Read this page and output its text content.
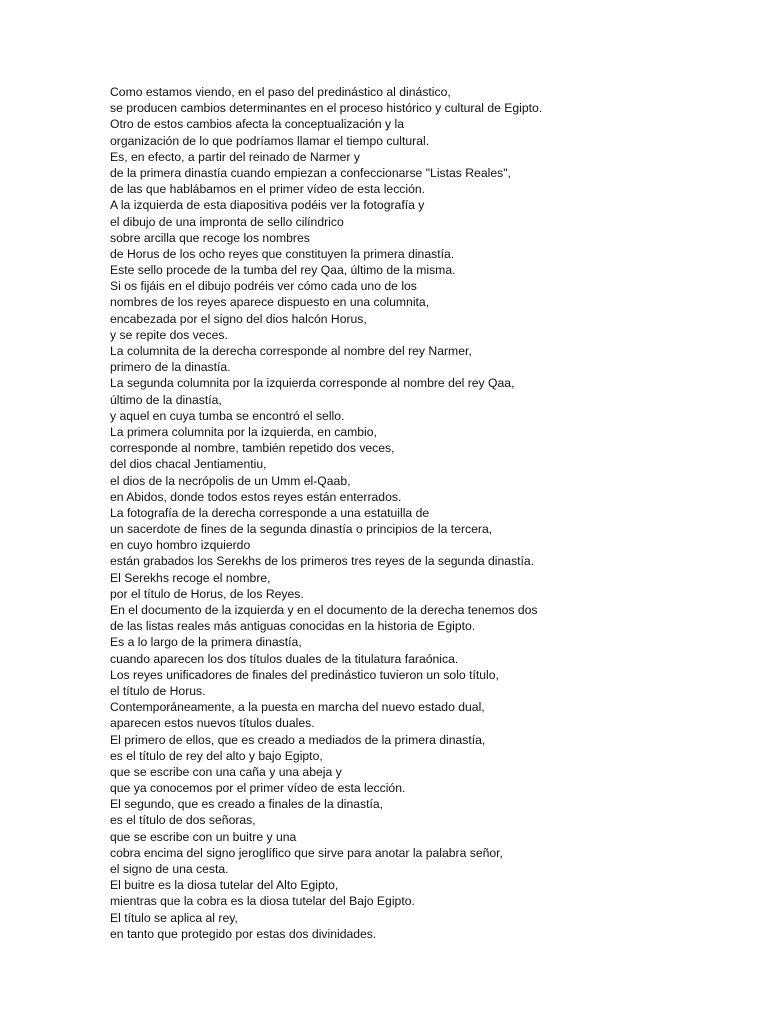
Como estamos viendo, en el paso del predinástico al dinástico,
se producen cambios determinantes en el proceso histórico y cultural de Egipto.
Otro de estos cambios afecta la conceptualización y la
organización de lo que podríamos llamar el tiempo cultural.
Es, en efecto, a partir del reinado de Narmer y
de la primera dinastía cuando empiezan a confeccionarse "Listas Reales",
de las que hablábamos en el primer vídeo de esta lección.
A la izquierda de esta diapositiva podéis ver la fotografía y
el dibujo de una impronta de sello cilíndrico
sobre arcilla que recoge los nombres
de Horus de los ocho reyes que constituyen la primera dinastía.
Este sello procede de la tumba del rey Qaa, último de la misma.
Si os fijáis en el dibujo podréis ver cómo cada uno de los
nombres de los reyes aparece dispuesto en una columnita,
encabezada por el signo del dios halcón Horus,
y se repite dos veces.
La columnita de la derecha corresponde al nombre del rey Narmer,
primero de la dinastía.
La segunda columnita por la izquierda corresponde al nombre del rey Qaa,
último de la dinastía,
y aquel en cuya tumba se encontró el sello.
La primera columnita por la izquierda, en cambio,
corresponde al nombre, también repetido dos veces,
del dios chacal Jentiamentiu,
el dios de la necrópolis de un Umm el-Qaab,
en Abidos, donde todos estos reyes están enterrados.
La fotografía de la derecha corresponde a una estatuilla de
un sacerdote de fines de la segunda dinastía o principios de la tercera,
en cuyo hombro izquierdo
están grabados los Serekhs de los primeros tres reyes de la segunda dinastía.
El Serekhs recoge el nombre,
por el título de Horus, de los Reyes.
En el documento de la izquierda y en el documento de la derecha tenemos dos
de las listas reales más antiguas conocidas en la historia de Egipto.
Es a lo largo de la primera dinastía,
cuando aparecen los dos títulos duales de la titulatura faraónica.
Los reyes unificadores de finales del predinástico tuvieron un solo título,
el título de Horus.
Contemporáneamente, a la puesta en marcha del nuevo estado dual,
aparecen estos nuevos títulos duales.
El primero de ellos, que es creado a mediados de la primera dinastía,
es el título de rey del alto y bajo Egipto,
que se escribe con una caña y una abeja y
que ya conocemos por el primer vídeo de esta lección.
El segundo, que es creado a finales de la dinastía,
es el título de dos señoras,
que se escribe con un buitre y una
cobra encima del signo jeroglífico que sirve para anotar la palabra señor,
el signo de una cesta.
El buitre es la diosa tutelar del Alto Egipto,
mientras que la cobra es la diosa tutelar del Bajo Egipto.
El título se aplica al rey,
en tanto que protegido por estas dos divinidades.
